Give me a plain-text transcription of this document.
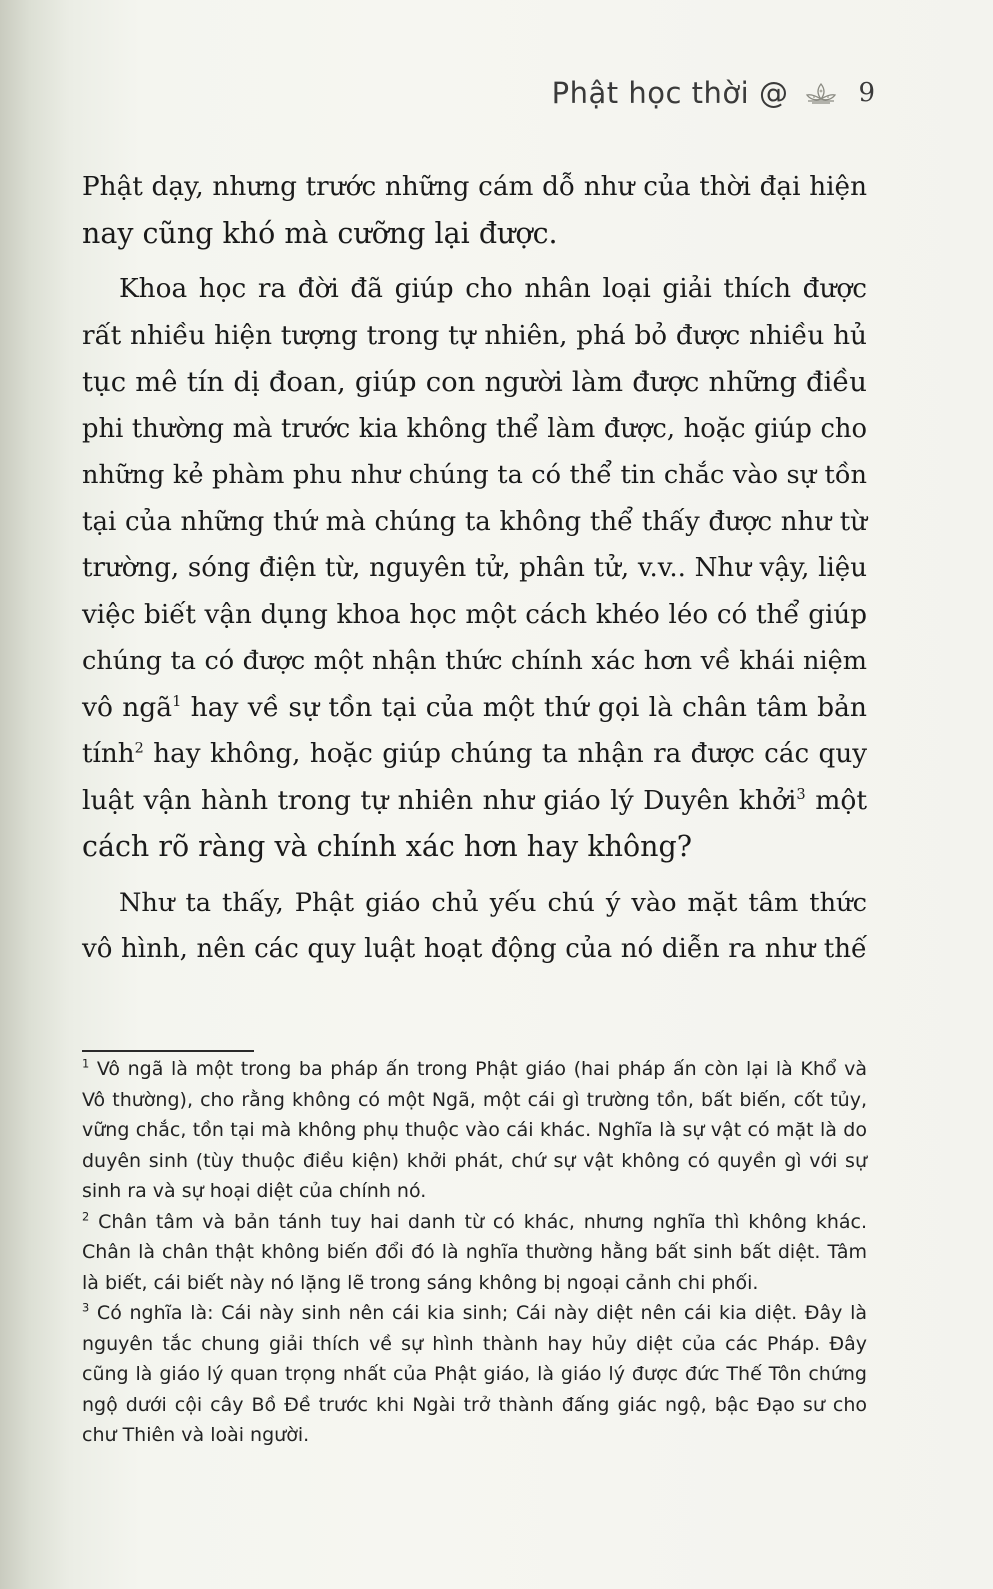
Phật học thời @	9
Phật dạy, nhưng trước những cám dỗ như của thời đại hiện
nay cũng khó mà cưỡng lại được.
Khoa học ra đời đã giúp cho nhân loại giải thích được
rất nhiều hiện tượng trong tự nhiên, phá bỏ được nhiều hủ
tục mê tín dị đoan, giúp con người làm được những điều
phi thường mà trước kia không thể làm được, hoặc giúp cho
những kẻ phàm phu như chúng ta có thể tin chắc vào sự tồn
tại của những thứ mà chúng ta không thể thấy được như từ
trường, sóng điện từ, nguyên tử, phân tử, v.v.. Như vậy, liệu
việc biết vận dụng khoa học một cách khéo léo có thể giúp
chúng ta có được một nhận thức chính xác hơn về khái niệm
vô ngã$^1$ hay về sự tồn tại của một thứ gọi là chân tâm bản
tính$^2$ hay không, hoặc giúp chúng ta nhận ra được các quy
luật vận hành trong tự nhiên như giáo lý Duyên khởi$^3$ một
cách rõ ràng và chính xác hơn hay không?
Như ta thấy, Phật giáo chủ yếu chú ý vào mặt tâm thức
vô hình, nên các quy luật hoạt động của nó diễn ra như thế
$^1$ Vô ngã là một trong ba pháp ấn trong Phật giáo (hai pháp ấn còn lại là Khổ và
Vô thường), cho rằng không có một Ngã, một cái gì trường tồn, bất biến, cốt tủy,
vững chắc, tồn tại mà không phụ thuộc vào cái khác. Nghĩa là sự vật có mặt là do
duyên sinh (tùy thuộc điều kiện) khởi phát, chứ sự vật không có quyền gì với sự
sinh ra và sự hoại diệt của chính nó.
$^2$ Chân tâm và bản tánh tuy hai danh từ có khác, nhưng nghĩa thì không khác.
Chân là chân thật không biến đổi đó là nghĩa thường hằng bất sinh bất diệt. Tâm
là biết, cái biết này nó lặng lẽ trong sáng không bị ngoại cảnh chi phối.
$^3$ Có nghĩa là: Cái này sinh nên cái kia sinh; Cái này diệt nên cái kia diệt. Đây là
nguyên tắc chung giải thích về sự hình thành hay hủy diệt của các Pháp. Đây
cũng là giáo lý quan trọng nhất của Phật giáo, là giáo lý được đức Thế Tôn chứng
ngộ dưới cội cây Bồ Đề trước khi Ngài trở thành đấng giác ngộ, bậc Đạo sư cho
chư Thiên và loài người.
